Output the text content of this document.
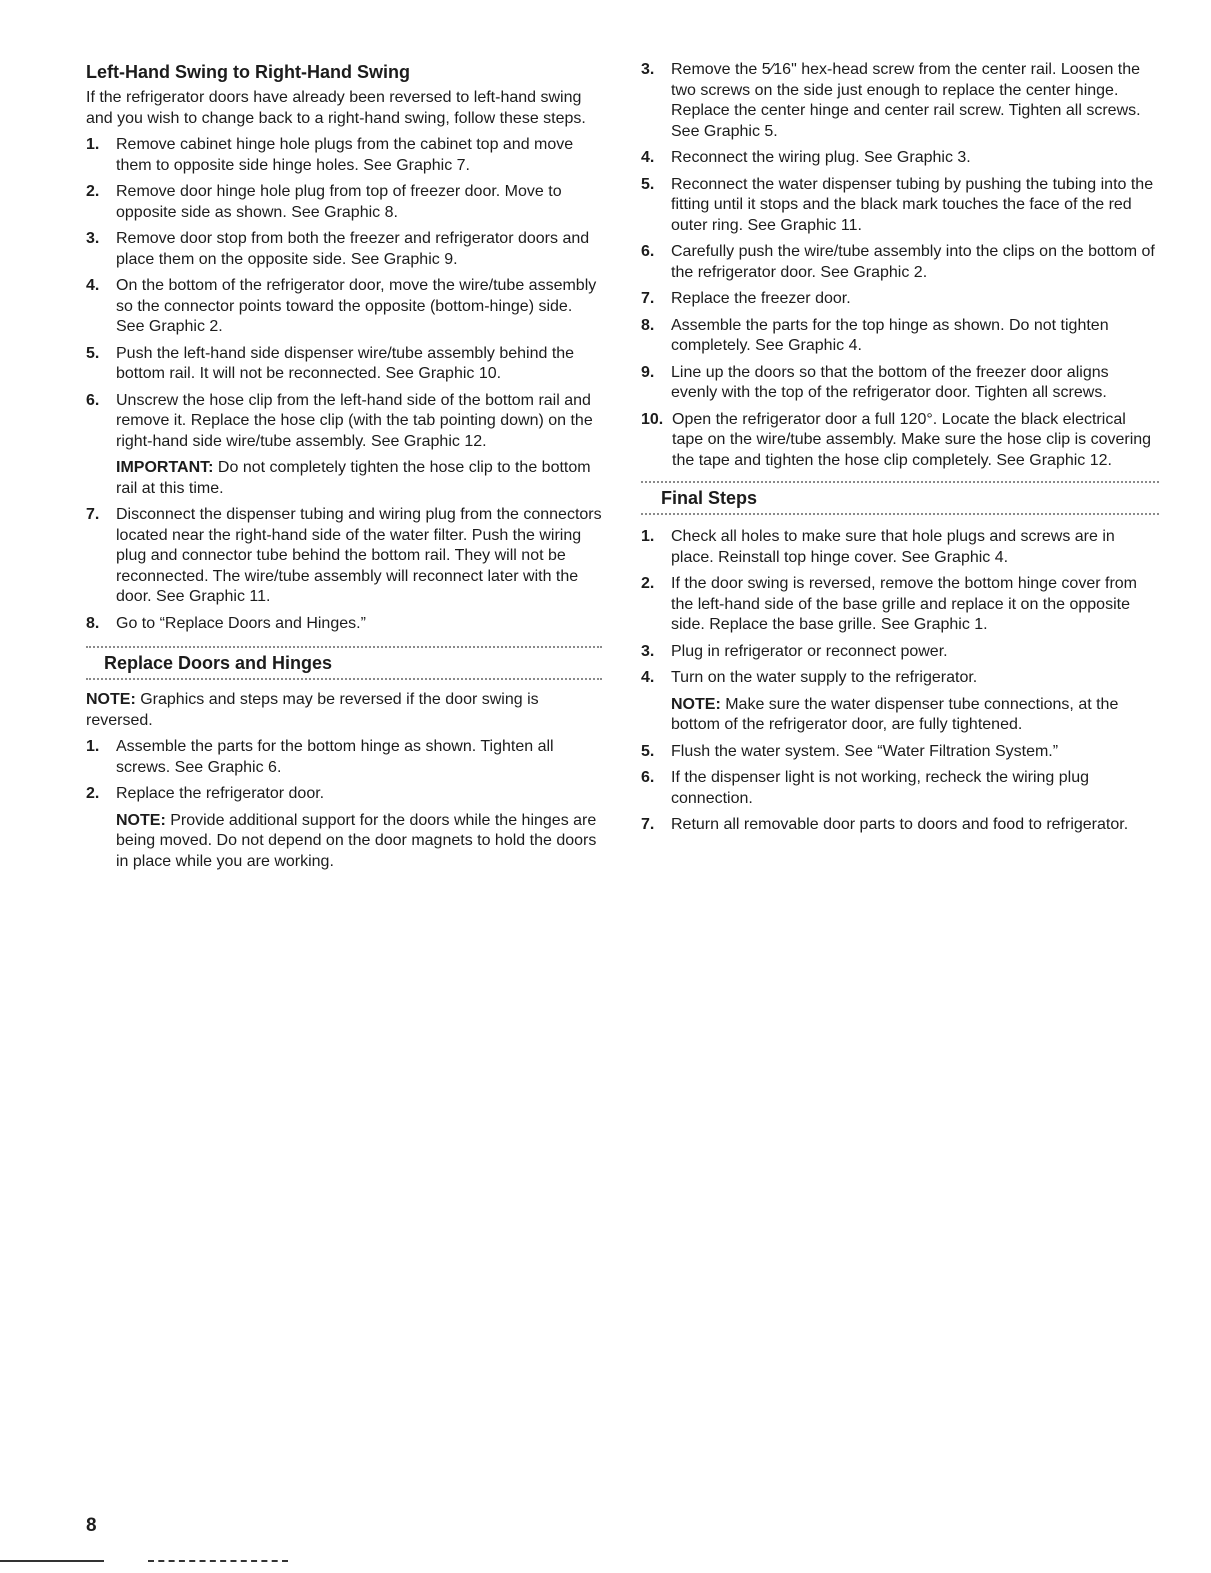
Left-Hand Swing to Right-Hand Swing

If the refrigerator doors have already been reversed to left-hand swing and you wish to change back to a right-hand swing, follow these steps.

1. Remove cabinet hinge hole plugs from the cabinet top and move them to opposite side hinge holes. See Graphic 7.
2. Remove door hinge hole plug from top of freezer door. Move to opposite side as shown. See Graphic 8.
3. Remove door stop from both the freezer and refrigerator doors and place them on the opposite side. See Graphic 9.
4. On the bottom of the refrigerator door, move the wire/tube assembly so the connector points toward the opposite (bottom-hinge) side. See Graphic 2.
5. Push the left-hand side dispenser wire/tube assembly behind the bottom rail. It will not be reconnected. See Graphic 10.
6. Unscrew the hose clip from the left-hand side of the bottom rail and remove it. Replace the hose clip (with the tab pointing down) on the right-hand side wire/tube assembly. See Graphic 12.
IMPORTANT: Do not completely tighten the hose clip to the bottom rail at this time.
7. Disconnect the dispenser tubing and wiring plug from the connectors located near the right-hand side of the water filter. Push the wiring plug and connector tube behind the bottom rail. They will not be reconnected. The wire/tube assembly will reconnect later with the door. See Graphic 11.
8. Go to “Replace Doors and Hinges.”
Replace Doors and Hinges

NOTE: Graphics and steps may be reversed if the door swing is reversed.

1. Assemble the parts for the bottom hinge as shown. Tighten all screws. See Graphic 6.
2. Replace the refrigerator door.
NOTE: Provide additional support for the doors while the hinges are being moved. Do not depend on the door magnets to hold the doors in place while you are working.
3. Remove the 5⁄16" hex-head screw from the center rail. Loosen the two screws on the side just enough to replace the center hinge. Replace the center hinge and center rail screw. Tighten all screws. See Graphic 5.
4. Reconnect the wiring plug. See Graphic 3.
5. Reconnect the water dispenser tubing by pushing the tubing into the fitting until it stops and the black mark touches the face of the red outer ring. See Graphic 11.
6. Carefully push the wire/tube assembly into the clips on the bottom of the refrigerator door. See Graphic 2.
7. Replace the freezer door.
8. Assemble the parts for the top hinge as shown. Do not tighten completely. See Graphic 4.
9. Line up the doors so that the bottom of the freezer door aligns evenly with the top of the refrigerator door. Tighten all screws.
10. Open the refrigerator door a full 120°. Locate the black electrical tape on the wire/tube assembly. Make sure the hose clip is covering the tape and tighten the hose clip completely. See Graphic 12.
Final Steps
1. Check all holes to make sure that hole plugs and screws are in place. Reinstall top hinge cover. See Graphic 4.
2. If the door swing is reversed, remove the bottom hinge cover from the left-hand side of the base grille and replace it on the opposite side. Replace the base grille. See Graphic 1.
3. Plug in refrigerator or reconnect power.
4. Turn on the water supply to the refrigerator.
NOTE: Make sure the water dispenser tube connections, at the bottom of the refrigerator door, are fully tightened.
5. Flush the water system. See “Water Filtration System.”
6. If the dispenser light is not working, recheck the wiring plug connection.
7. Return all removable door parts to doors and food to refrigerator.
8
